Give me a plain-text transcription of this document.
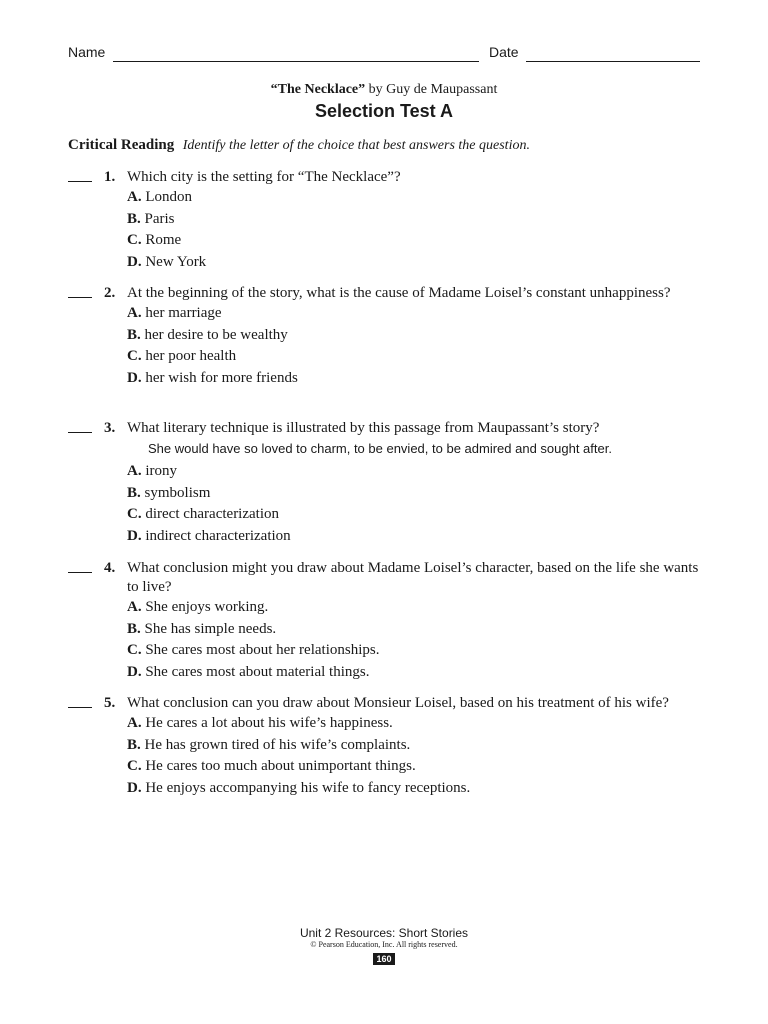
Name	Date
“The Necklace” by Guy de Maupassant
Selection Test A
Critical Reading Identify the letter of the choice that best answers the question.
1. Which city is the setting for “The Necklace”?
A. London
B. Paris
C. Rome
D. New York
2. At the beginning of the story, what is the cause of Madame Loisel’s constant unhappiness?
A. her marriage
B. her desire to be wealthy
C. her poor health
D. her wish for more friends
3. What literary technique is illustrated by this passage from Maupassant’s story?
She would have so loved to charm, to be envied, to be admired and sought after.
A. irony
B. symbolism
C. direct characterization
D. indirect characterization
4. What conclusion might you draw about Madame Loisel’s character, based on the life she wants to live?
A. She enjoys working.
B. She has simple needs.
C. She cares most about her relationships.
D. She cares most about material things.
5. What conclusion can you draw about Monsieur Loisel, based on his treatment of his wife?
A. He cares a lot about his wife’s happiness.
B. He has grown tired of his wife’s complaints.
C. He cares too much about unimportant things.
D. He enjoys accompanying his wife to fancy receptions.
Unit 2 Resources: Short Stories
© Pearson Education, Inc. All rights reserved.
160
